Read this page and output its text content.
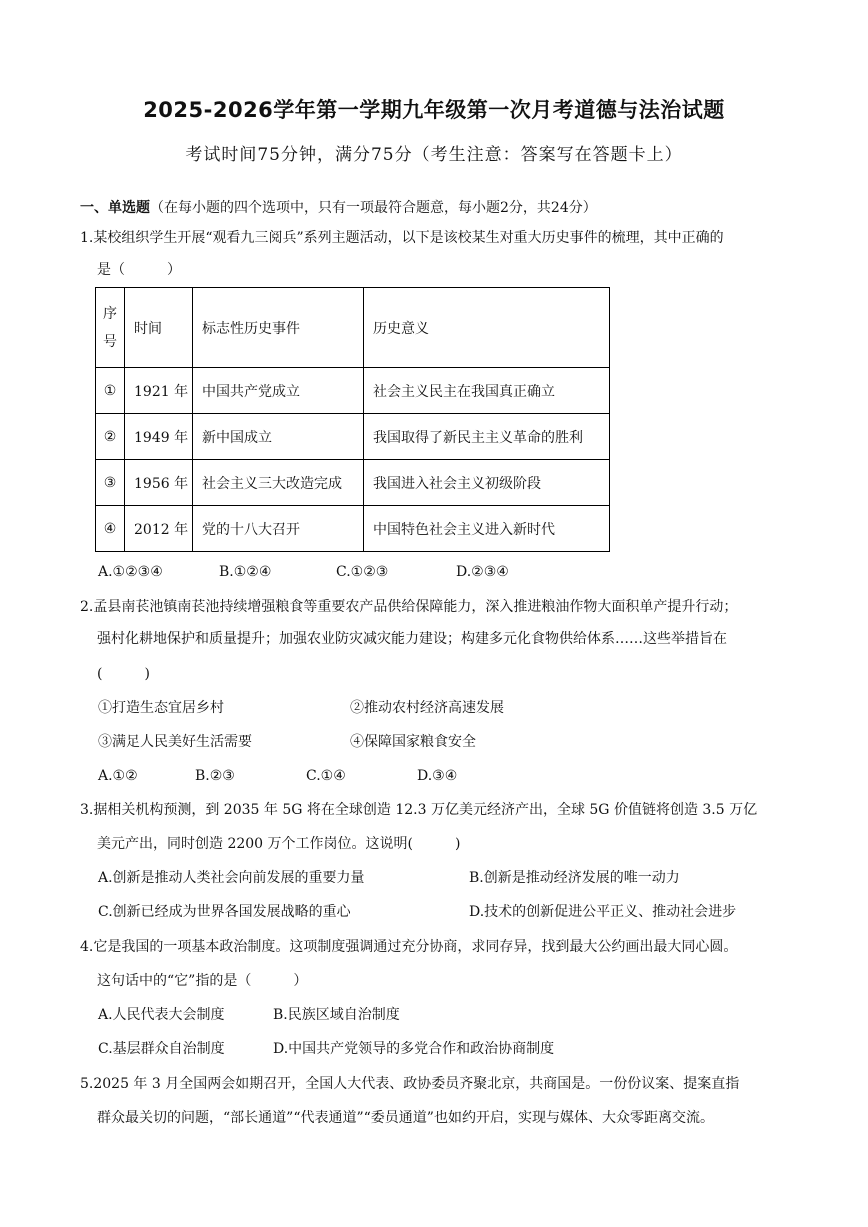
2025-2026学年第一学期九年级第一次月考道德与法治试题
考试时间75分钟，满分75分（考生注意：答案写在答题卡上）
一、单选题（在每小题的四个选项中，只有一项最符合题意，每小题2分，共24分）
1.某校组织学生开展“观看九三阅兵”系列主题活动，以下是该校某生对重大历史事件的梳理，其中正确的
是（　　　）
序
号	时间	标志性历史事件	历史意义
①	1921 年	中国共产党成立	社会主义民主在我国真正确立
②	1949 年	新中国成立	我国取得了新民主主义革命的胜利
③	1956 年	社会主义三大改造完成	我国进入社会主义初级阶段
④	2012 年	党的十八大召开	中国特色社会主义进入新时代
A.①②③④	B.①②④	C.①②③	D.②③④
2.孟县南苌池镇南苌池持续增强粮食等重要农产品供给保障能力，深入推进粮油作物大面积单产提升行动；
强村化耕地保护和质量提升；加强农业防灾减灾能力建设；构建多元化食物供给体系……这些举措旨在
(　　　)
①打造生态宜居乡村	②推动农村经济高速发展
③满足人民美好生活需要	④保障国家粮食安全
A.①②	B.②③	C.①④	D.③④
3.据相关机构预测，到 2035 年 5G 将在全球创造 12.3 万亿美元经济产出，全球 5G 价值链将创造 3.5 万亿
美元产出，同时创造 2200 万个工作岗位。这说明(　　　)
A.创新是推动人类社会向前发展的重要力量	B.创新是推动经济发展的唯一动力
C.创新已经成为世界各国发展战略的重心	D.技术的创新促进公平正义、推动社会进步
4.它是我国的一项基本政治制度。这项制度强调通过充分协商，求同存异，找到最大公约画出最大同心圆。
这句话中的“它”指的是（　　　）
A.人民代表大会制度	B.民族区域自治制度
C.基层群众自治制度	D.中国共产党领导的多党合作和政治协商制度
5.2025 年 3 月全国两会如期召开，全国人大代表、政协委员齐聚北京，共商国是。一份份议案、提案直指
群众最关切的问题，“部长通道”“代表通道”“委员通道”也如约开启，实现与媒体、大众零距离交流。
